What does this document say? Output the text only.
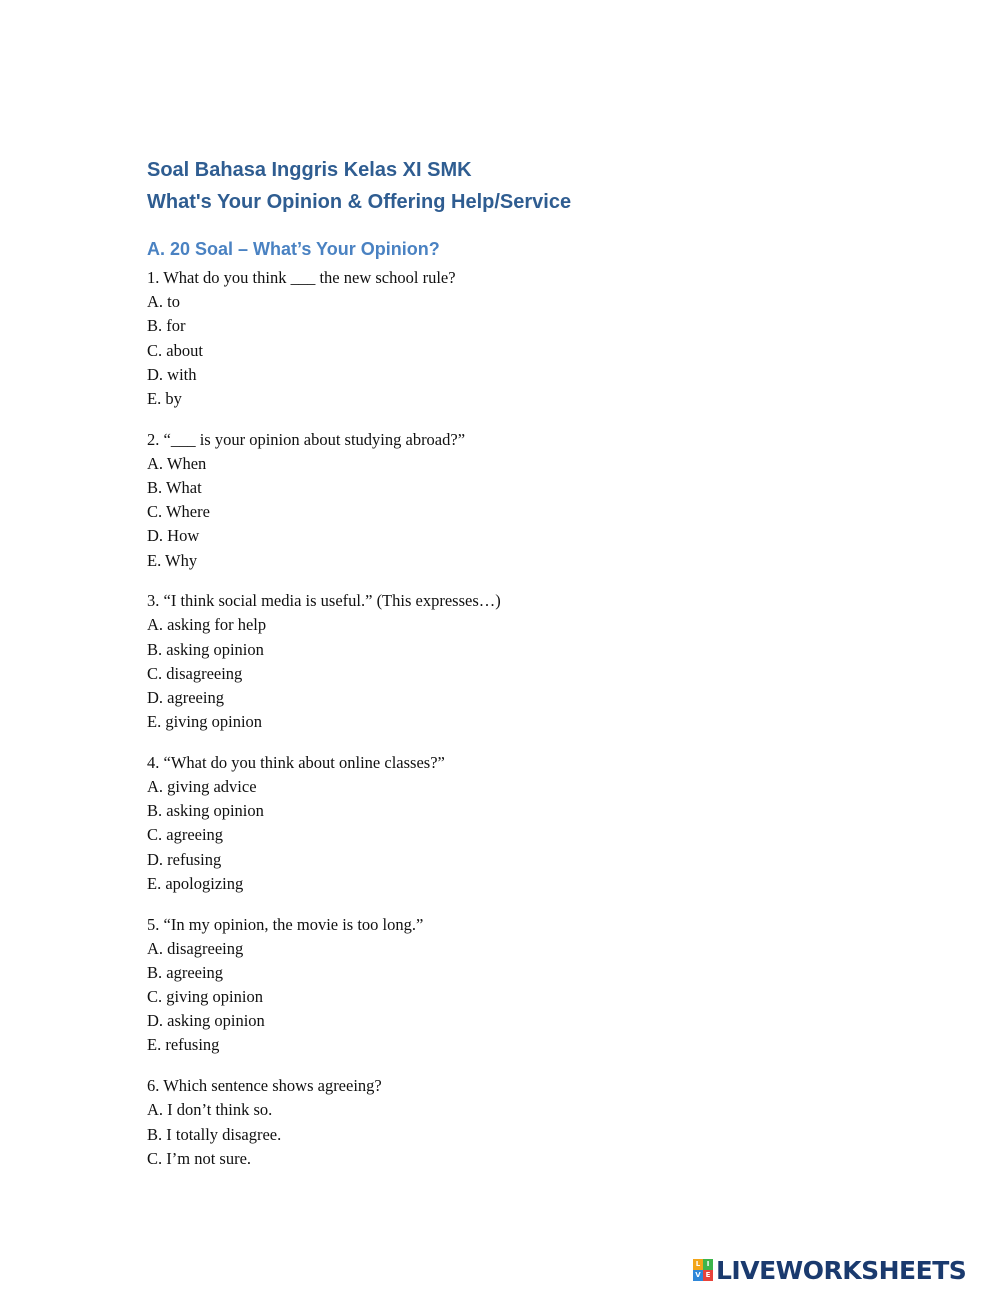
Soal Bahasa Inggris Kelas XI SMK
What's Your Opinion & Offering Help/Service
A. 20 Soal – What’s Your Opinion?
1. What do you think ___ the new school rule?
A. to
B. for
C. about
D. with
E. by
2. “___ is your opinion about studying abroad?”
A. When
B. What
C. Where
D. How
E. Why
3. “I think social media is useful.” (This expresses…)
A. asking for help
B. asking opinion
C. disagreeing
D. agreeing
E. giving opinion
4. “What do you think about online classes?”
A. giving advice
B. asking opinion
C. agreeing
D. refusing
E. apologizing
5. “In my opinion, the movie is too long.”
A. disagreeing
B. agreeing
C. giving opinion
D. asking opinion
E. refusing
6. Which sentence shows agreeing?
A. I don’t think so.
B. I totally disagree.
C. I’m not sure.
L I
V E LIVEWORKSHEETS
